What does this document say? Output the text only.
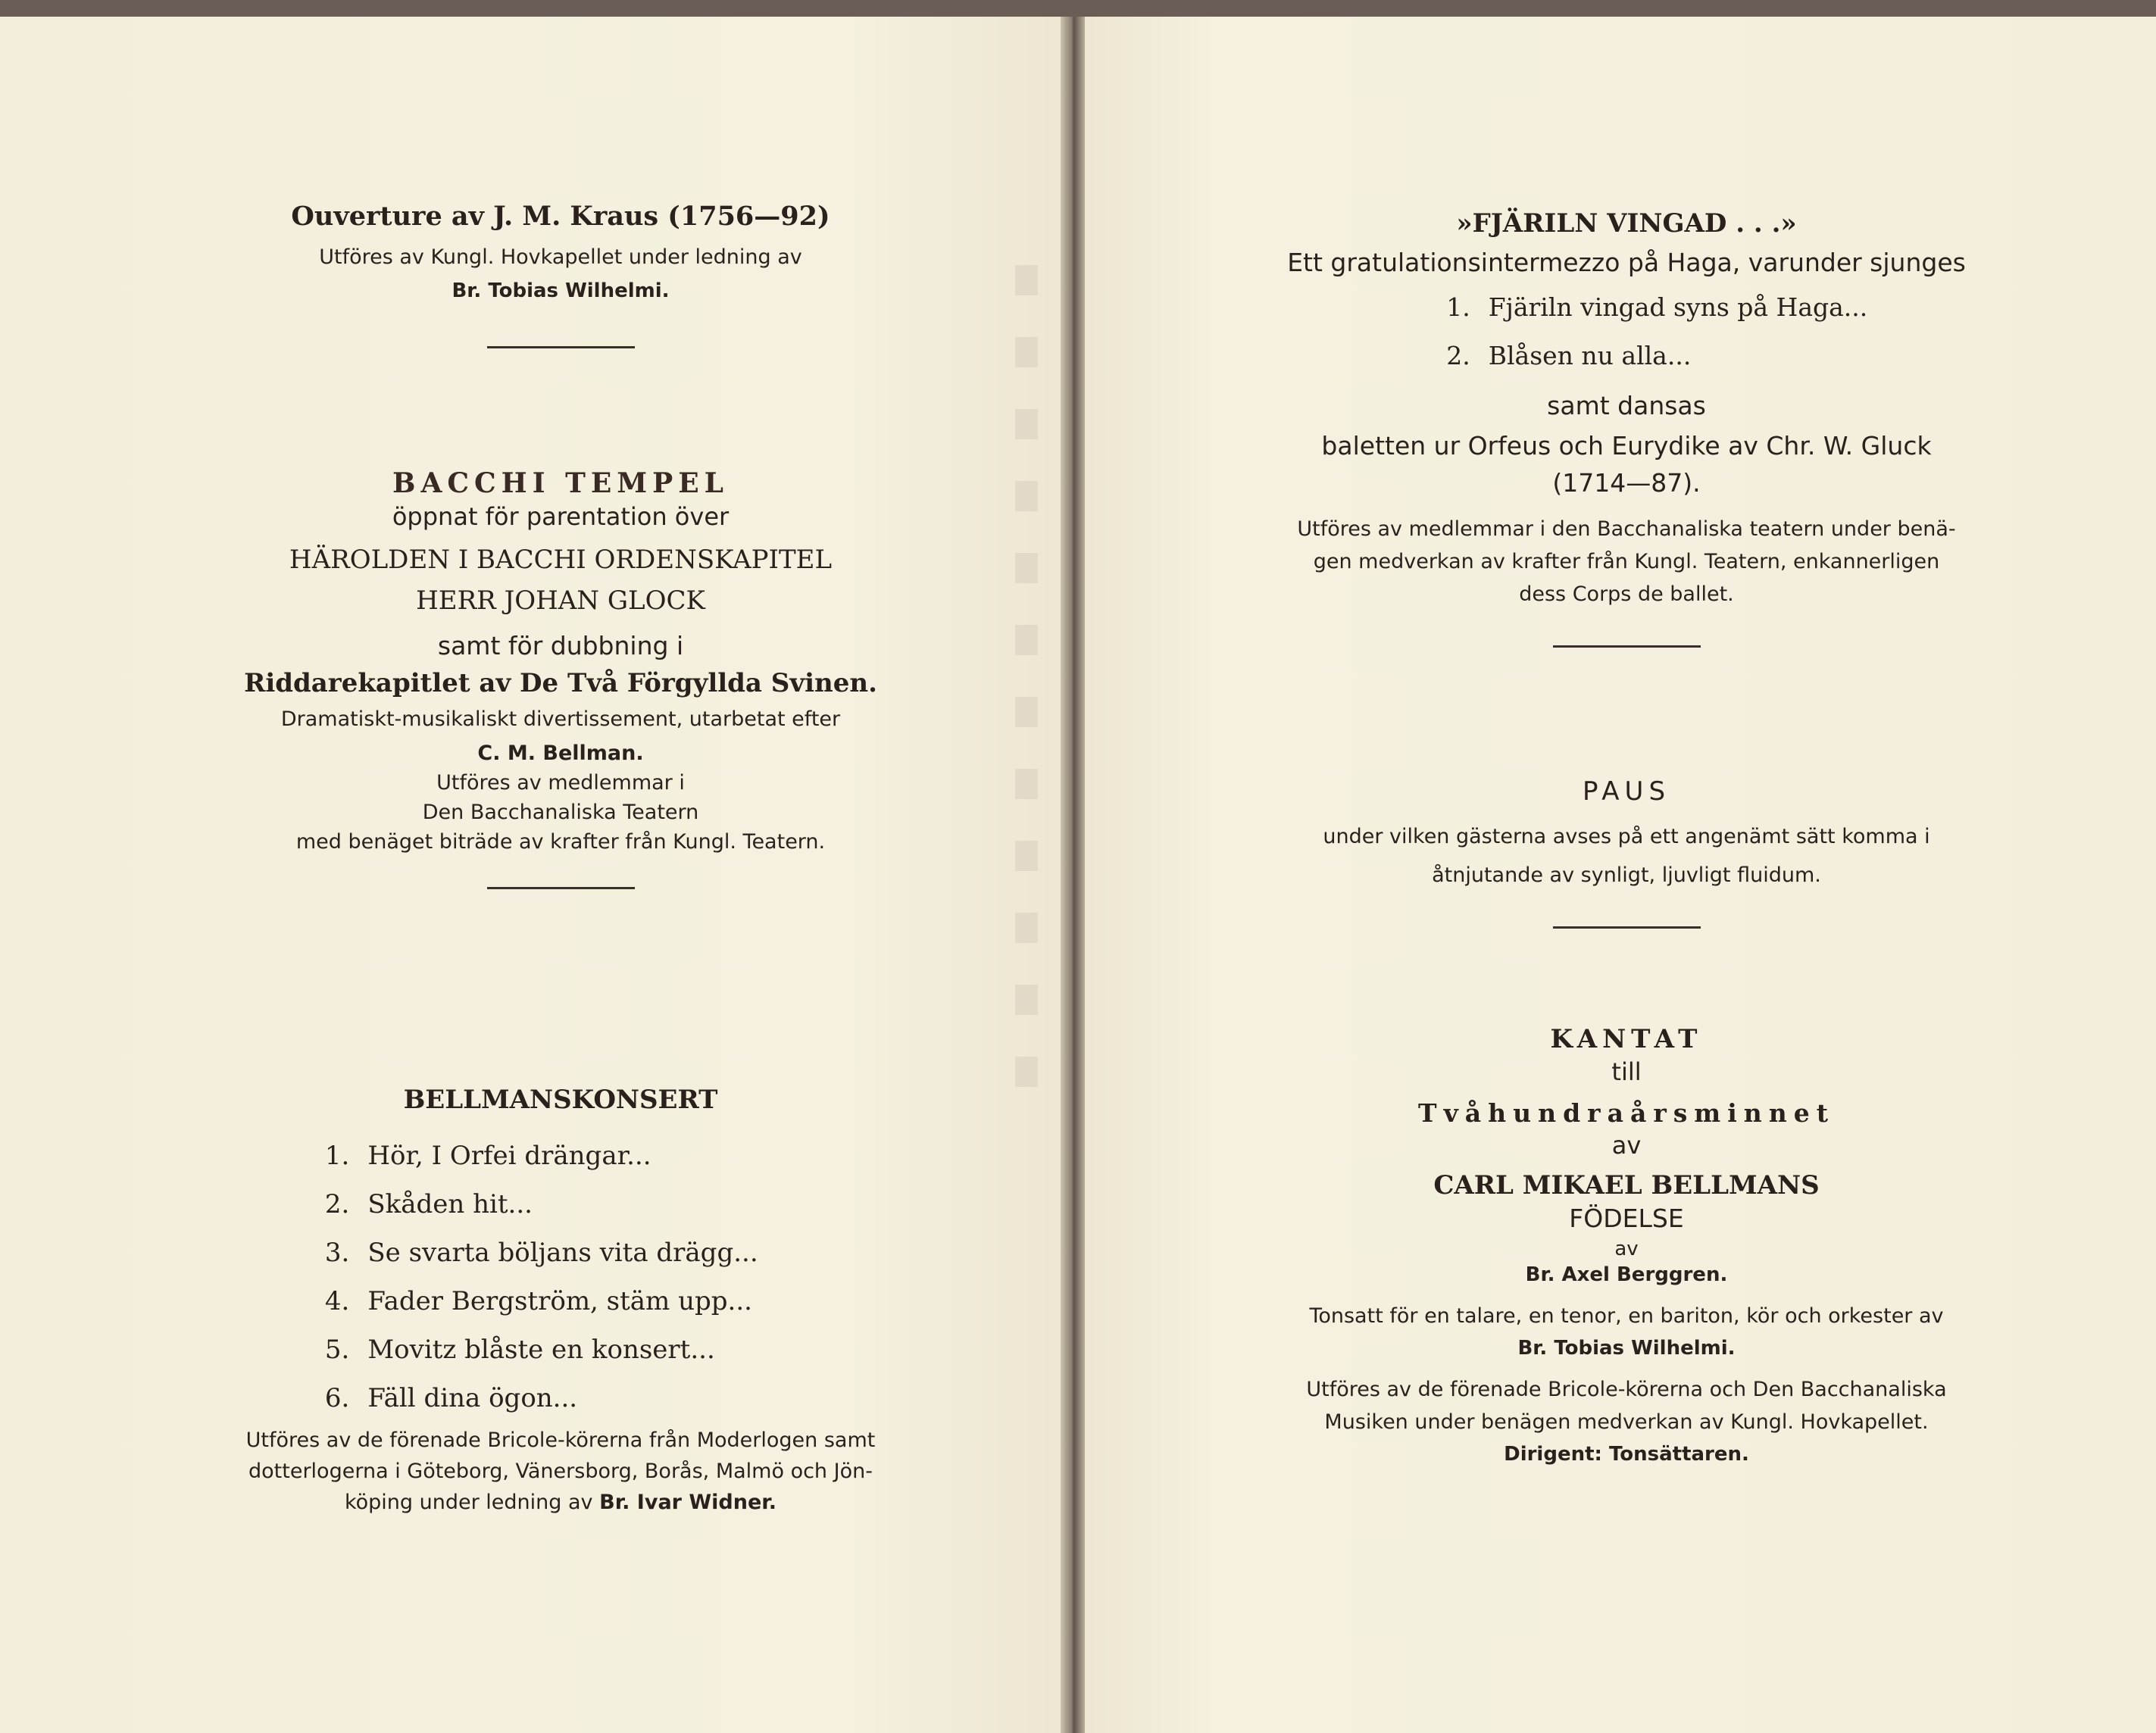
Ouverture av J. M. Kraus (1756—92)

Utföres av Kungl. Hovkapellet under ledning av

Br. Tobias Wilhelmi.

BACCHI TEMPEL

öppnat för parentation över

HÄROLDEN I BACCHI ORDENSKAPITEL

HERR JOHAN GLOCK

samt för dubbning i

Riddarekapitlet av De Två Förgyllda Svinen.

Dramatiskt-musikaliskt divertissement, utarbetat efter

C. M. Bellman.

Utföres av medlemmar i

Den Bacchanaliska Teatern

med benäget biträde av krafter från Kungl. Teatern.

BELLMANSKONSERT

1. Hör, I Orfei drängar...
2. Skåden hit...
3. Se svarta böljans vita drägg...
4. Fader Bergström, stäm upp...
5. Movitz blåste en konsert...
6. Fäll dina ögon...

Utföres av de förenade Bricole-körerna från Moderlogen samt

dotterlogerna i Göteborg, Vänersborg, Borås, Malmö och Jön-

köping under ledning av Br. Ivar Widner.

»FJÄRILN VINGAD . . .»

Ett gratulationsintermezzo på Haga, varunder sjunges

1. Fjäriln vingad syns på Haga...
2. Blåsen nu alla...

samt dansas

baletten ur Orfeus och Eurydike av Chr. W. Gluck

(1714—87).

Utföres av medlemmar i den Bacchanaliska teatern under benä-

gen medverkan av krafter från Kungl. Teatern, enkannerligen

dess Corps de ballet.

PAUS

under vilken gästerna avses på ett angenämt sätt komma i

åtnjutande av synligt, ljuvligt fluidum.

KANTAT

till

Tvåhundraårsminnet

av

CARL MIKAEL BELLMANS

FÖDELSE

av

Br. Axel Berggren.

Tonsatt för en talare, en tenor, en bariton, kör och orkester av

Br. Tobias Wilhelmi.

Utföres av de förenade Bricole-körerna och Den Bacchanaliska

Musiken under benägen medverkan av Kungl. Hovkapellet.

Dirigent: Tonsättaren.
